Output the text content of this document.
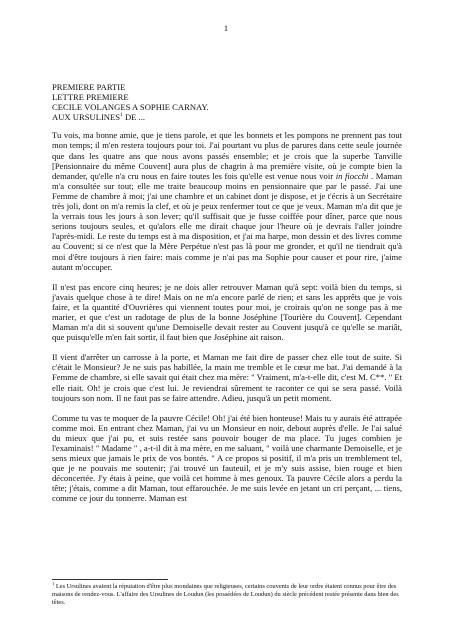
1
PREMIERE PARTIE
LETTRE PREMIERE
CECILE VOLANGES A SOPHIE CARNAY.
AUX URSULINES$^1$ DE ...

Tu vois, ma bonne amie, que je tiens parole, et que les bonnets et les pompons ne prennent pas tout mon temps; il m'en restera toujours pour toi. J'ai pourtant vu plus de parures dans cette seule journée que dans les quatre ans que nous avons passés ensemble; et je crois que la superbe Tanville [Pensionnaire du même Couvent] aura plus de chagrin à ma première visite, où je compte bien la demander, qu'elle n'a cru nous en faire toutes les fois qu'elle est venue nous voir in fiocchi . Maman m'a consultée sur tout; elle me traite beaucoup moins en pensionnaire que par le passé. J'ai une Femme de chambre à moi; j'ai une chambre et un cabinet dont je dispose, et je t'écris à un Secrétaire très joli, dont on m'a remis la clef, et où je peux renfermer tout ce que je veux. Maman m'a dit que je la verrais tous les jours à son lever; qu'il suffisait que je fusse coiffée pour dîner, parce que nous serions toujours seules, et qu'alors elle me dirait chaque jour l'heure où je devrais l'aller joindre l'après-midi. Le reste du temps est à ma disposition, et j'ai ma harpe, mon dessin et des livres comme au Couvent; si ce n'est que la Mère Perpétue n'est pas là pour me gronder, et qu'il ne tiendrait qu'à moi d'être toujours à rien faire: mais comme je n'ai pas ma Sophie pour causer et pour rire, j'aime autant m'occuper.

Il n'est pas encore cinq heures; je ne dois aller retrouver Maman qu'à sept: voilà bien du temps, si j'avais quelque chose à te dire! Mais on ne m'a encore parlé de rien; et sans les apprêts que je vois faire, et la quantité d'Ouvrières qui viennent toutes pour moi, je croirais qu'on ne songe pas à me marier, et que c'est un radotage de plus de la bonne Joséphine [Tourière du Couvent]. Cependant Maman m'a dit si souvent qu'une Demoiselle devait rester au Couvent jusqu'à ce qu'elle se mariât, que puisqu'elle m'en fait sortir, il faut bien que Joséphine ait raison.

Il vient d'arrêter un carrosse à la porte, et Maman me fait dire de passer chez elle tout de suite. Si c'était le Monsieur? Je ne suis pas habillée, la main me tremble et le cœur me bat. J'ai demandé à la Femme de chambre, si elle savait qui était chez ma mère: " Vraiment, m'a-t-elle dit, c'est M. C**. " Et elle riait. Oh! je crois que c'est lui. Je reviendrai sûrement te raconter ce qui se sera passé. Voilà toujours son nom. Il ne faut pas se faire attendre. Adieu, jusqu'à un petit moment.

Comme tu vas te moquer de la pauvre Cécile! Oh! j'ai été bien honteuse! Mais tu y aurais été attrapée comme moi. En entrant chez Maman, j'ai vu un Monsieur en noir, debout auprès d'elle. Je l'ai salué du mieux que j'ai pu, et suis restée sans pouvoir bouger de ma place. Tu juges combien je l'examinais! " Madame " , a-t-il dit à ma mère, en me saluant, " voilà une charmante Demoiselle, et je sens mieux que jamais le prix de vos bontés. " A ce propos si positif, il m'a pris un tremblement tel, que je ne pouvais me soutenir; j'ai trouvé un fauteuil, et je m'y suis assise, bien rouge et bien déconcertée. J'y étais à peine, que voilà cet homme à mes genoux. Ta pauvre Cécile alors a perdu la tête; j'étais, comme a dit Maman, tout effarouchée. Je me suis levée en jetant un cri perçant, ... tiens, comme ce jour du tonnerre. Maman est

$^1$ Les Ursulines avaient la réputation d'être plus mondaines que religieuses, certains couvents de leur ordre étaient connus pour être des maisons de rendez-vous. L'affaire des Ursulines de Loudun (les possédées de Loudun) du siècle précédent restée présente dans bien des têtes.
